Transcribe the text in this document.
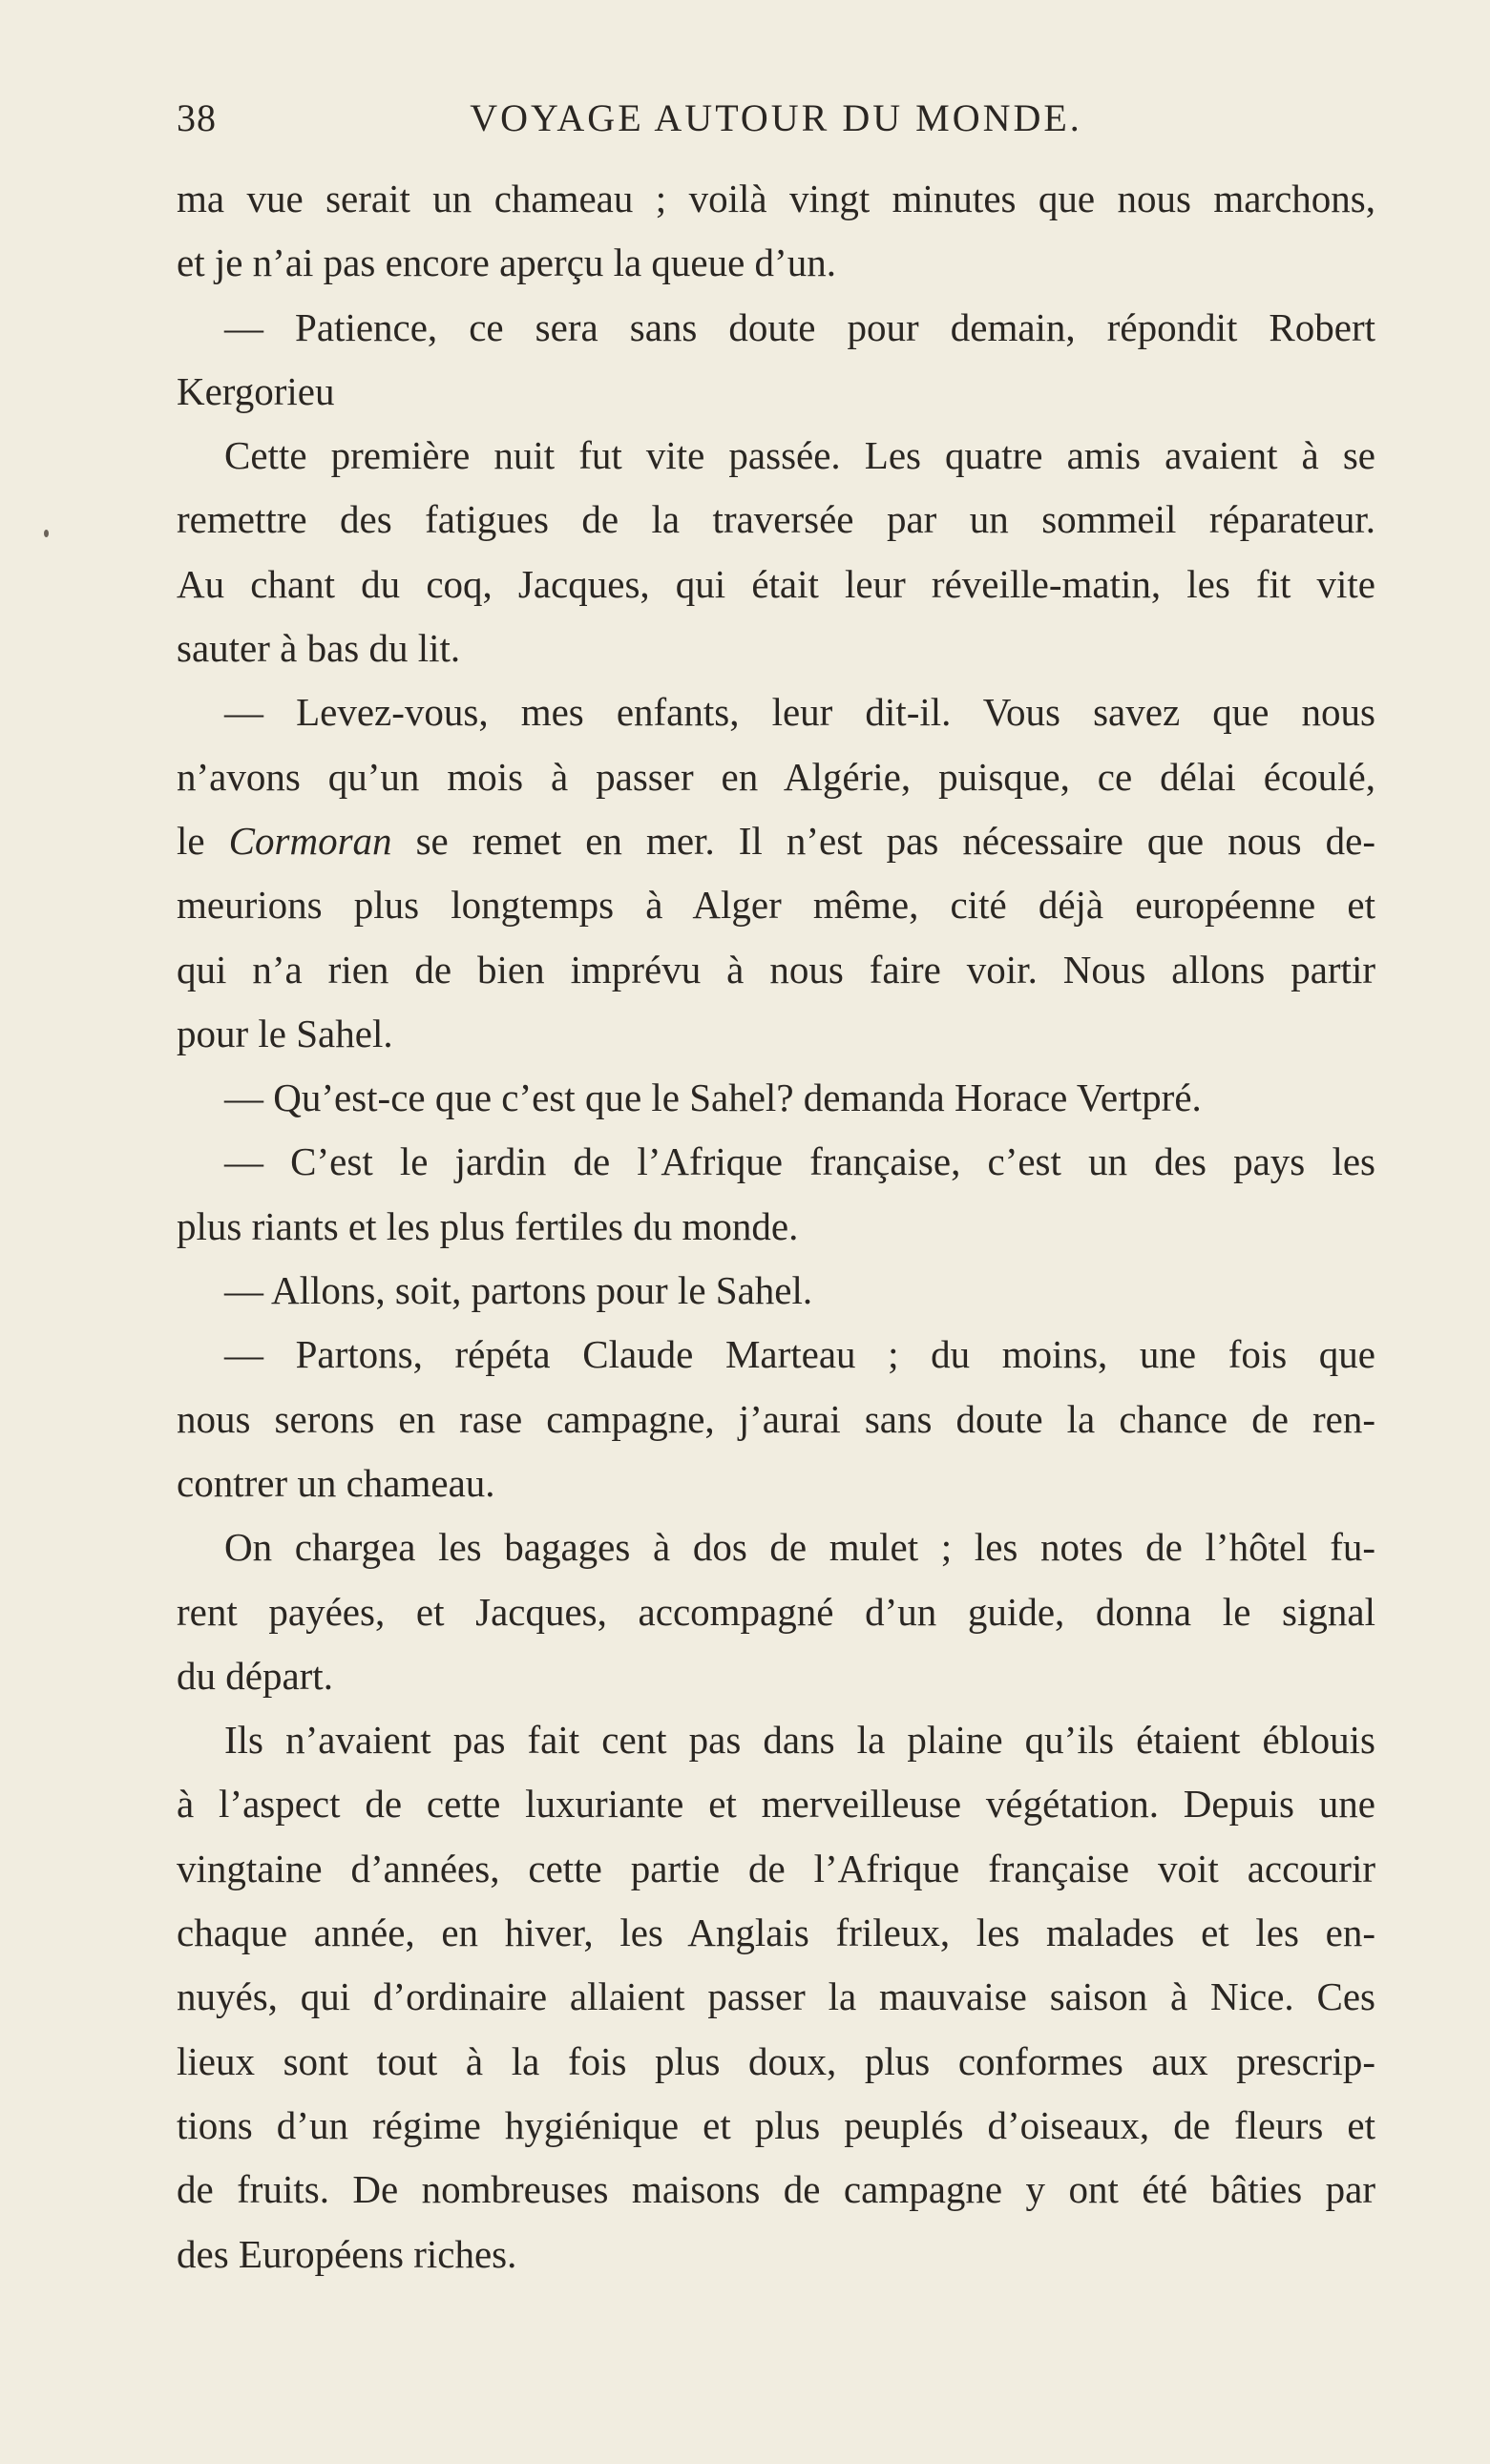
38	VOYAGE AUTOUR DU MONDE.
ma vue serait un chameau ; voilà vingt minutes que nous marchons,
et je n’ai pas encore aperçu la queue d’un.
— Patience, ce sera sans doute pour demain, répondit Robert
Kergorieu
Cette première nuit fut vite passée. Les quatre amis avaient à se
remettre des fatigues de la traversée par un sommeil réparateur.
Au chant du coq, Jacques, qui était leur réveille-matin, les fit vite
sauter à bas du lit.
— Levez-vous, mes enfants, leur dit-il. Vous savez que nous
n’avons qu’un mois à passer en Algérie, puisque, ce délai écoulé,
le Cormoran se remet en mer. Il n’est pas nécessaire que nous de-
meurions plus longtemps à Alger même, cité déjà européenne et
qui n’a rien de bien imprévu à nous faire voir. Nous allons partir
pour le Sahel.
— Qu’est-ce que c’est que le Sahel? demanda Horace Vertpré.
— C’est le jardin de l’Afrique française, c’est un des pays les
plus riants et les plus fertiles du monde.
— Allons, soit, partons pour le Sahel.
— Partons, répéta Claude Marteau ; du moins, une fois que
nous serons en rase campagne, j’aurai sans doute la chance de ren-
contrer un chameau.
On chargea les bagages à dos de mulet ; les notes de l’hôtel fu-
rent payées, et Jacques, accompagné d’un guide, donna le signal
du départ.
Ils n’avaient pas fait cent pas dans la plaine qu’ils étaient éblouis
à l’aspect de cette luxuriante et merveilleuse végétation. Depuis une
vingtaine d’années, cette partie de l’Afrique française voit accourir
chaque année, en hiver, les Anglais frileux, les malades et les en-
nuyés, qui d’ordinaire allaient passer la mauvaise saison à Nice. Ces
lieux sont tout à la fois plus doux, plus conformes aux prescrip-
tions d’un régime hygiénique et plus peuplés d’oiseaux, de fleurs et
de fruits. De nombreuses maisons de campagne y ont été bâties par
des Européens riches.
